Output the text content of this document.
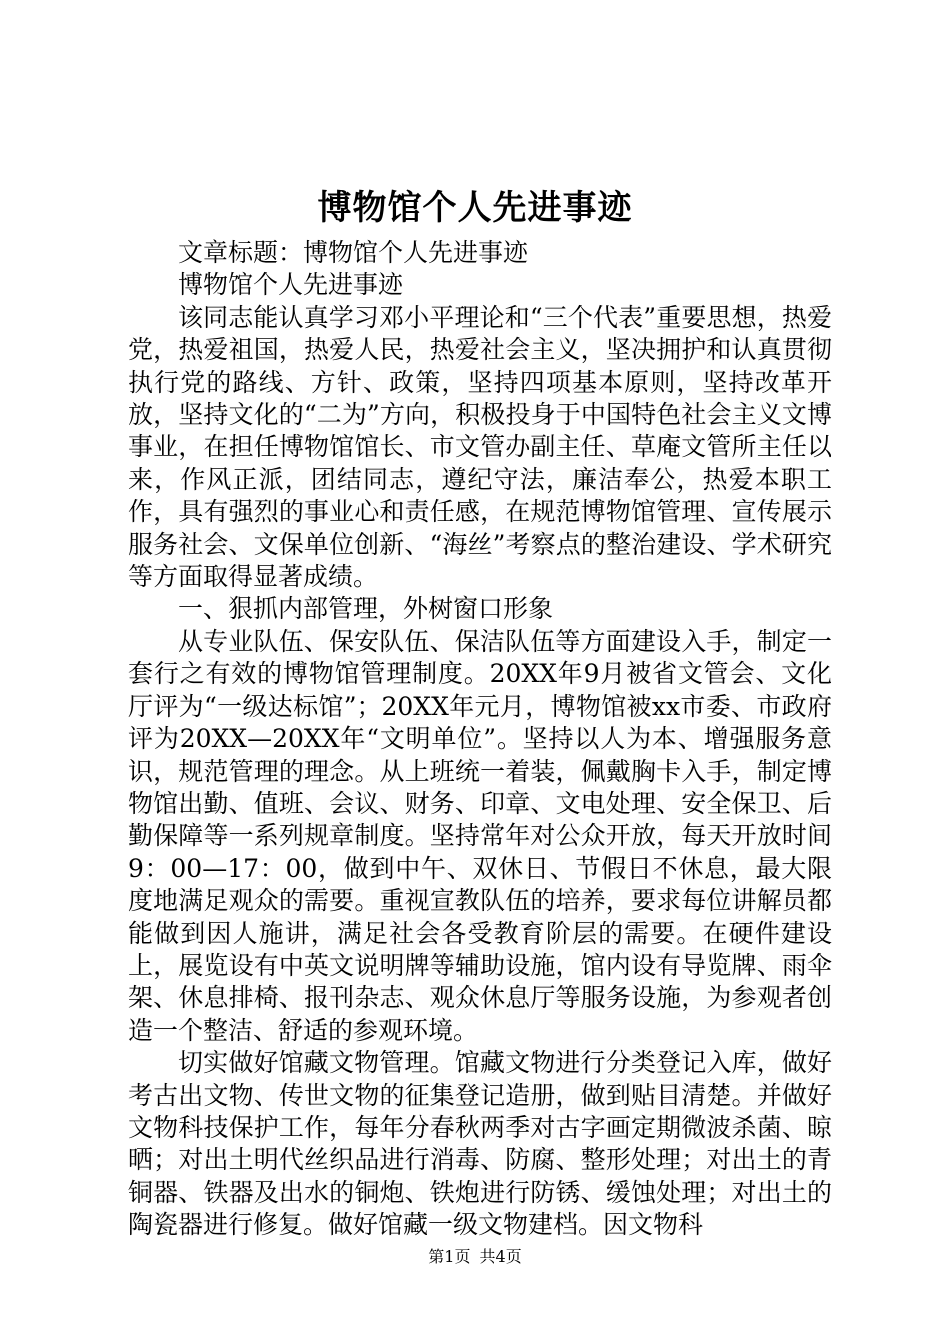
博物馆个人先进事迹

文章标题：博物馆个人先进事迹

博物馆个人先进事迹

该同志能认真学习邓小平理论和“三个代表”重要思想，热爱党，热爱祖国，热爱人民，热爱社会主义，坚决拥护和认真贯彻执行党的路线、方针、政策，坚持四项基本原则，坚持改革开放，坚持文化的“二为”方向，积极投身于中国特色社会主义文博事业，在担任博物馆馆长、市文管办副主任、草庵文管所主任以来，作风正派，团结同志，遵纪守法，廉洁奉公，热爱本职工作，具有强烈的事业心和责任感，在规范博物馆管理、宣传展示服务社会、文保单位创新、“海丝”考察点的整治建设、学术研究等方面取得显著成绩。

一、狠抓内部管理，外树窗口形象

从专业队伍、保安队伍、保洁队伍等方面建设入手，制定一套行之有效的博物馆管理制度。20XX年9月被省文管会、文化厅评为“一级达标馆”；20XX年元月，博物馆被xx市委、市政府评为20XX—20XX年“文明单位”。坚持以人为本、增强服务意识，规范管理的理念。从上班统一着装，佩戴胸卡入手，制定博物馆出勤、值班、会议、财务、印章、文电处理、安全保卫、后勤保障等一系列规章制度。坚持常年对公众开放，每天开放时间9：00—17：00，做到中午、双休日、节假日不休息，最大限度地满足观众的需要。重视宣教队伍的培养，要求每位讲解员都能做到因人施讲，满足社会各受教育阶层的需要。在硬件建设上，展览设有中英文说明牌等辅助设施，馆内设有导览牌、雨伞架、休息排椅、报刊杂志、观众休息厅等服务设施，为参观者创造一个整洁、舒适的参观环境。

切实做好馆藏文物管理。馆藏文物进行分类登记入库，做好考古出文物、传世文物的征集登记造册，做到贴目清楚。并做好文物科技保护工作，每年分春秋两季对古字画定期微波杀菌、晾晒；对出土明代丝织品进行消毒、防腐、整形处理；对出土的青铜器、铁器及出水的铜炮、铁炮进行防锈、缓蚀处理；对出土的陶瓷器进行修复。做好馆藏一级文物建档。因文物科

第1页 共4页
